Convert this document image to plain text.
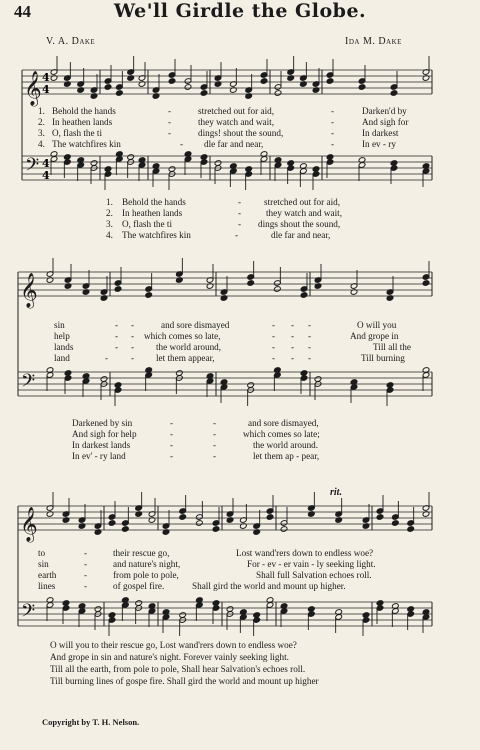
𝄞
𝄢
4
4
4
4
𝄞
𝄢
𝄞
𝄢
44	We'll Girdle the Globe.
V. A. Dake	Ida M. Dake
1. Behold the hands	-	stretched out for aid,	-	Darken'd by
2. In heathen lands	-	they watch and wait,	-	And sigh for
3. O, flash the ti	-	dings! shout the sound,	-	In darkest
4. The watchfires kin	- dle far and near,	-	In ev - ry
1. Behold the hands	- stretched out for aid,
2. In heathen lands	-	they watch and wait,
3. O, flash the ti	- dings shout the sound,
4. The watchfires kin	-	dle far and near,
sin	- -	and sore dismayed	- - -	O will you
help	- - which comes so late,	- - -	And grope in
lands	- - the world around,	- - -	Till all the
land	- - let them appear,	- - -	Till burning
Darkened by sin	-	-	and sore dismayed,
And sigh for help	-	-	which comes so late;
In darkest lands	-	-	the world around.
In ev' - ry land	-	-	let them ap - pear,
rit.
to	-	their rescue go,	Lost wand'rers down to endless woe?
sin	-	and nature's night,	For - ev - er vain - ly seeking light.
earth	-	from pole to pole,	Shall full Salvation echoes roll.
lines	-	of gospel fire.	Shall gird the world and mount up higher.
O will you to their rescue go, Lost wand'rers down to endless woe?
And grope in sin and nature's night. Forever vainly seeking light.
Till all the earth, from pole to pole, Shall hear Salvation's echoes roll.
Till burning lines of gospe fire. Shall gird the world and mount up higher
Copyright by T. H. Nelson.
